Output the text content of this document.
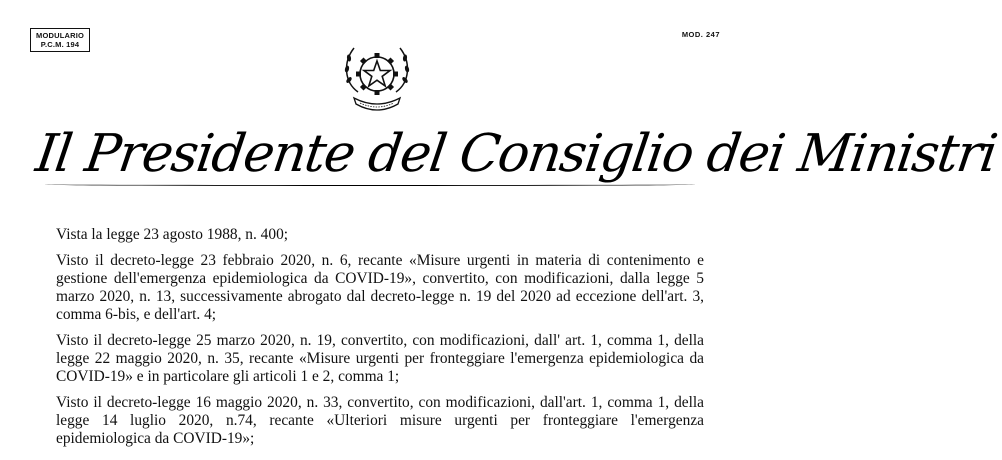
MODULARIO
P.C.M. 194
MOD. 247
Il Presidente del Consiglio dei Ministri

Vista la legge 23 agosto 1988, n. 400;

Visto il decreto-legge 23 febbraio 2020, n. 6, recante «Misure urgenti in materia di contenimento e gestione dell'emergenza epidemiologica da COVID-19», convertito, con modificazioni, dalla legge 5 marzo 2020, n. 13, successivamente abrogato dal decreto-legge n. 19 del 2020 ad eccezione dell'art. 3, comma 6-bis, e dell'art. 4;

Visto il decreto-legge 25 marzo 2020, n. 19, convertito, con modificazioni, dall' art. 1, comma 1, della legge 22 maggio 2020, n. 35, recante «Misure urgenti per fronteggiare l'emergenza epidemiologica da COVID-19» e in particolare gli articoli 1 e 2, comma 1;

Visto il decreto-legge 16 maggio 2020, n. 33, convertito, con modificazioni, dall'art. 1, comma 1, della legge 14 luglio 2020, n.74, recante «Ulteriori misure urgenti per fronteggiare l'emergenza epidemiologica da COVID-19»;
